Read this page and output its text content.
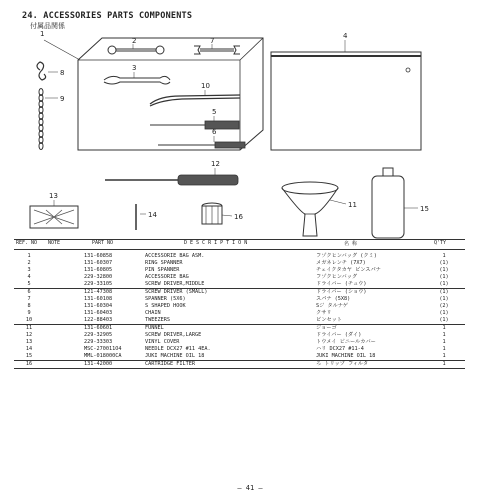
24. ACCESSORIES PARTS COMPONENTS
付属品関係
1
2
3
4
5
6
7
8
9
10
11
12
13
14
15
16
REF. NO NOTE	PART NO	D E S C R I P T I O N	名 称	Q'TY
1	131-60858	ACCESSORIE BAG ASM.	フゾクヒンバッグ (クミ)	1
2	131-60307	RING SPANNER	メガネレンチ (7X7)	(1)
3	131-60805	PIN SPANNER	チェイクタカヤ ピンスパナ	(1)
4	229-32800	ACCESSORIE BAG	フゾクヒンバッグ	(1)
5	229-33105	SCREW DRIVER,MIDDLE	ドライバー (チュウ)	(1)
6	121-47308	SCREW DRIVER (SMALL)	ドライバー (ショウ)	(1)
7	131-60108	SPANNER (5X6)	スパナ (5X8)	(1)
8	131-60304	S SHAPED HOOK	Sジ タルナゲ	(2)
9	131-60403	CHAIN	クサリ	(1)
10	122-88403	TWEEZERS	ピンセット	(1)
11	131-60601	FUNNEL	ジョーゴ	1
12	229-32905	SCREW DRIVER,LARGE	ドライバー (ダイ)	1
13	229-33303	VINYL COVER	トウメイ ビニールカバー	1
14	MSC-270011O4	NEEDLE DCX27 #11 4EA.	ハリ DCX27 #11-4	1
15	MML-018000CA	JUKI MACHINE OIL 18	JUKI MACHINE OIL 18	1
16	131-42000	CARTRIDGE FILTER	ろ トリップ フィルタ	1
— 41 —
